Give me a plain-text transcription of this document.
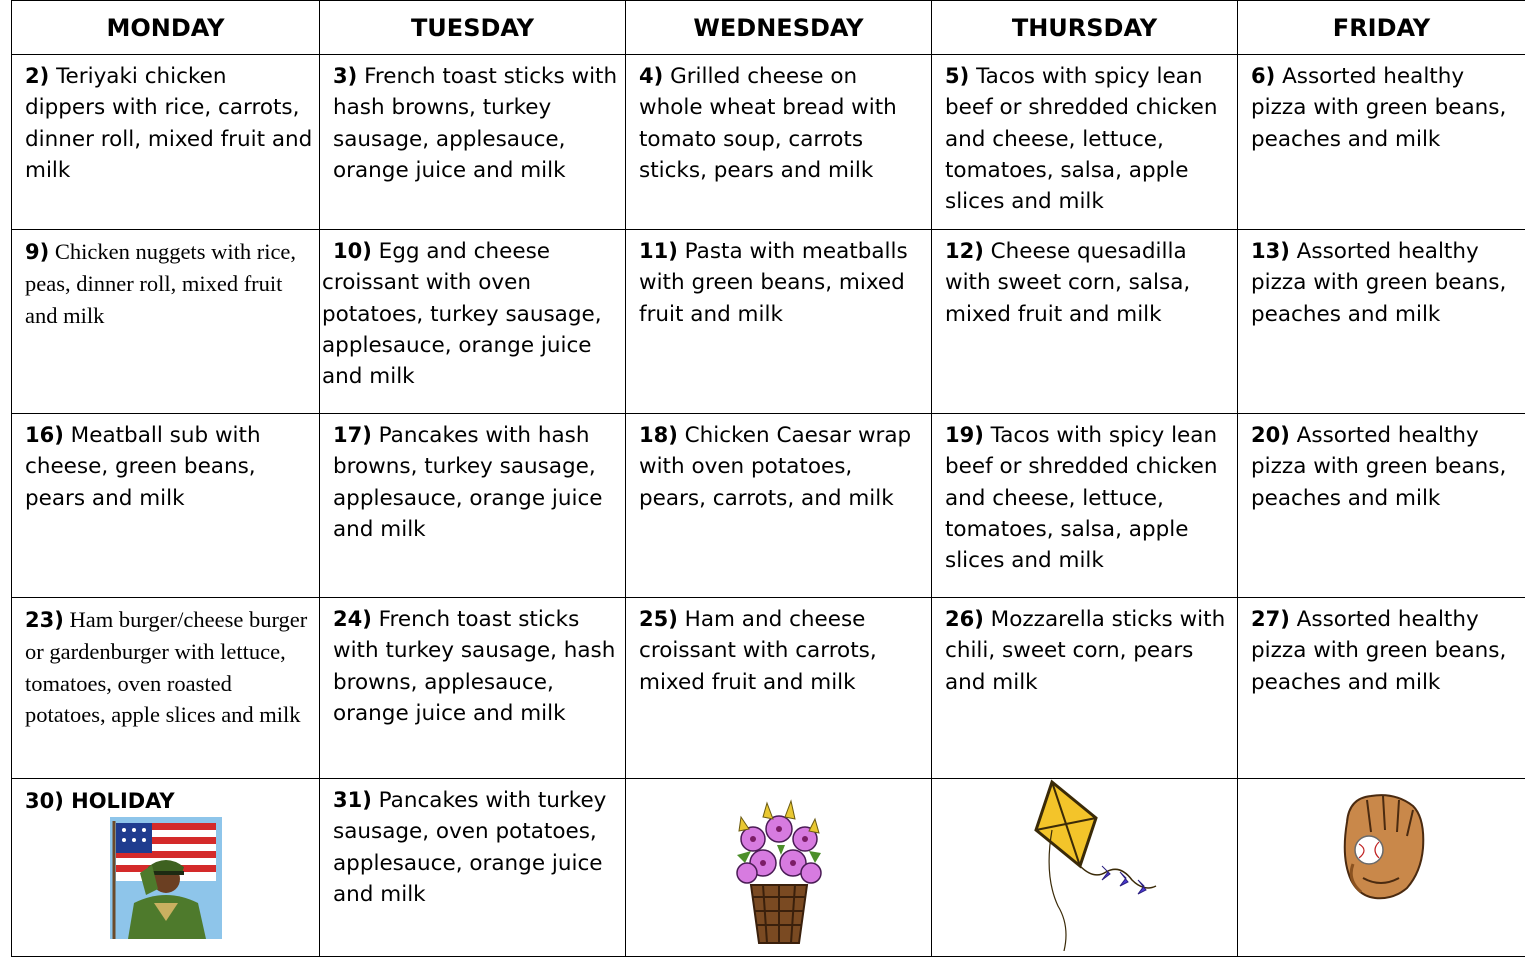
MONDAY	TUESDAY	WEDNESDAY	THURSDAY	FRIDAY

2) Teriyaki chicken dippers with rice, carrots, dinner roll, mixed fruit and milk	3) French toast sticks with hash browns, turkey sausage, applesauce, orange juice and milk	4) Grilled cheese on whole wheat bread with tomato soup, carrots sticks, pears and milk	5) Tacos with spicy lean beef or shredded chicken and cheese, lettuce, tomatoes, salsa, apple slices and milk	6) Assorted healthy pizza with green beans, peaches and milk

9) Chicken nuggets with rice, peas, dinner roll, mixed fruit and milk	10) Egg and cheese croissant with oven potatoes, turkey sausage, applesauce, orange juice and milk	11) Pasta with meatballs with green beans, mixed fruit and milk	12) Cheese quesadilla with sweet corn, salsa, mixed fruit and milk	13) Assorted healthy pizza with green beans, peaches and milk

16) Meatball sub with cheese, green beans, pears and milk	17) Pancakes with hash browns, turkey sausage, applesauce, orange juice and milk	18) Chicken Caesar wrap with oven potatoes, pears, carrots, and milk	19) Tacos with spicy lean beef or shredded chicken and cheese, lettuce, tomatoes, salsa, apple slices and milk	20) Assorted healthy pizza with green beans, peaches and milk

23) Ham burger/cheese burger or gardenburger with lettuce, tomatoes, oven roasted potatoes, apple slices and milk	24) French toast sticks with turkey sausage, hash browns, applesauce, orange juice and milk	25) Ham and cheese croissant with carrots, mixed fruit and milk	26) Mozzarella sticks with chili, sweet corn, pears and milk	27) Assorted healthy pizza with green beans, peaches and milk

30) HOLIDAY	31) Pancakes with turkey sausage, oven potatoes, applesauce, orange juice and milk
